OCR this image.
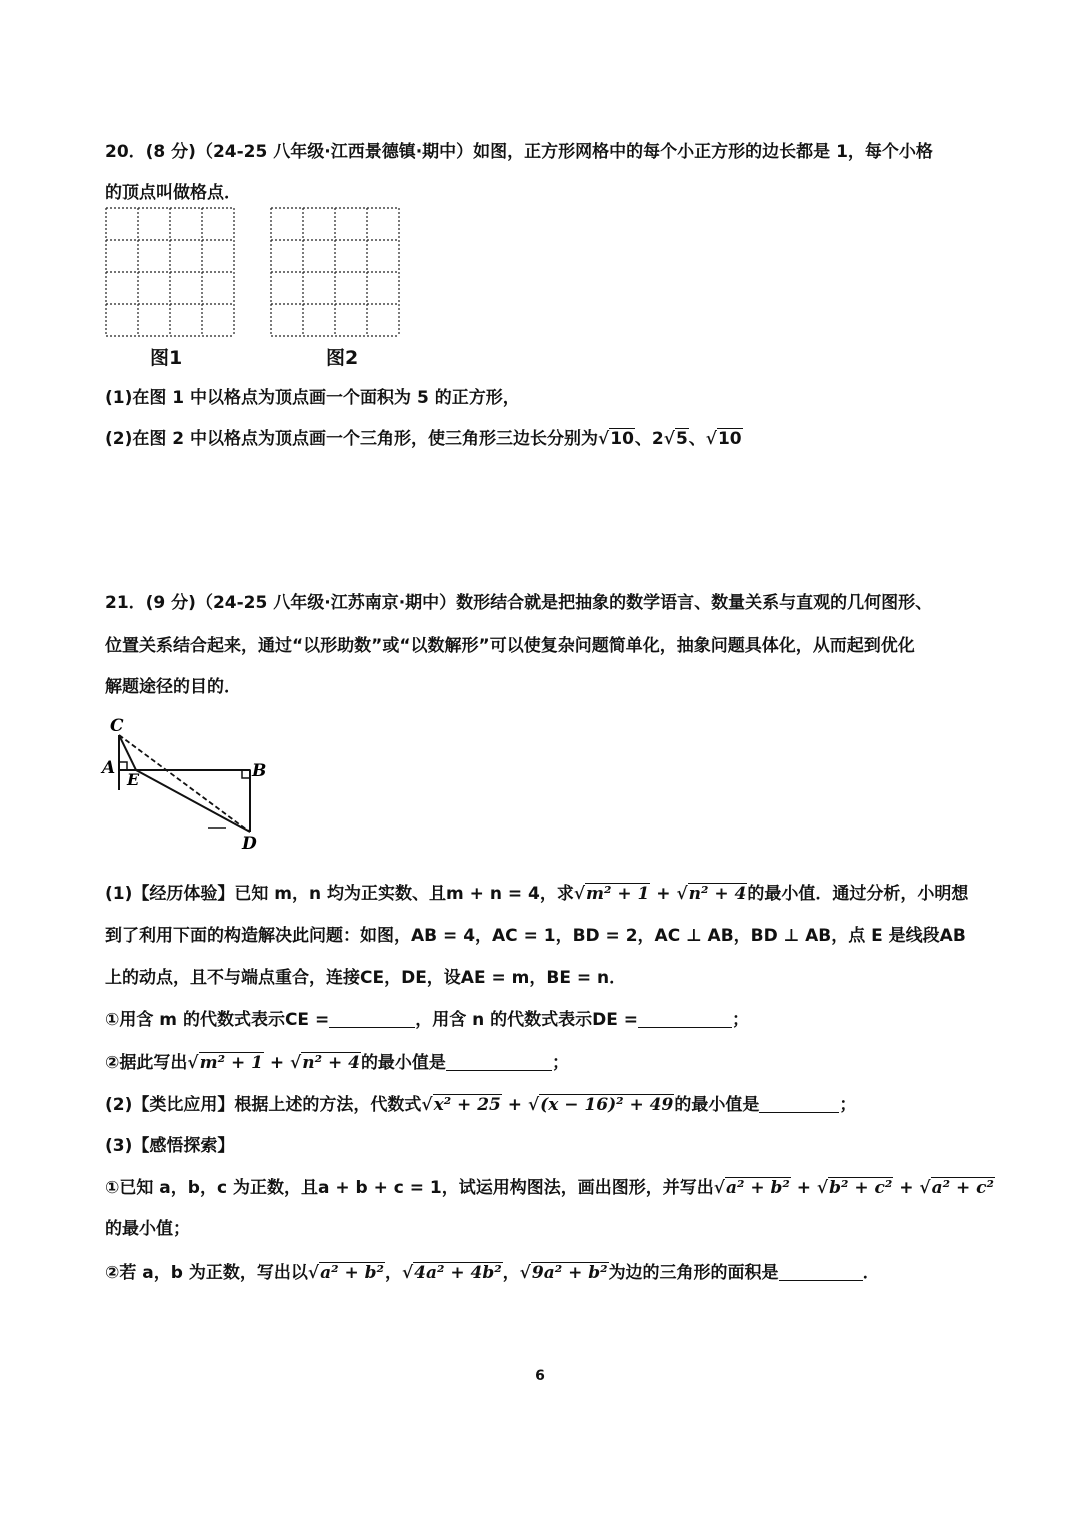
20．(8 分)（24-25 八年级·江西景德镇·期中）如图，正方形网格中的每个小正方形的边长都是 1，每个小格
的顶点叫做格点．
图1	图2
(1)在图 1 中以格点为顶点画一个面积为 5 的正方形，
(2)在图 2 中以格点为顶点画一个三角形，使三角形三边长分别为√10、2√5、√10
21．(9 分)（24-25 八年级·江苏南京·期中）数形结合就是把抽象的数学语言、数量关系与直观的几何图形、
位置关系结合起来，通过“以形助数”或“以数解形”可以使复杂问题简单化，抽象问题具体化，从而起到优化
解题途径的目的．
C
A
E	B
D
(1)【经历体验】已知 m，n 均为正实数、且m + n = 4，求√m² + 1 + √n² + 4的最小值．通过分析，小明想
到了利用下面的构造解决此问题：如图，AB = 4，AC = 1，BD = 2，AC ⊥ AB，BD ⊥ AB，点 E 是线段AB
上的动点，且不与端点重合，连接CE，DE，设AE = m，BE = n．
①用含 m 的代数式表示CE =	，用含 n 的代数式表示DE =	；
②据此写出√m² + 1 + √n² + 4的最小值是	；
(2)【类比应用】根据上述的方法，代数式√x² + 25 + √(x − 16)² + 49的最小值是	；
(3)【感悟探索】
①已知 a，b，c 为正数，且a + b + c = 1，试运用构图法，画出图形，并写出√a² + b² + √b² + c² + √a² + c²
的最小值；
②若 a，b 为正数，写出以√a² + b²，√4a² + 4b²，√9a² + b²为边的三角形的面积是	．
6
